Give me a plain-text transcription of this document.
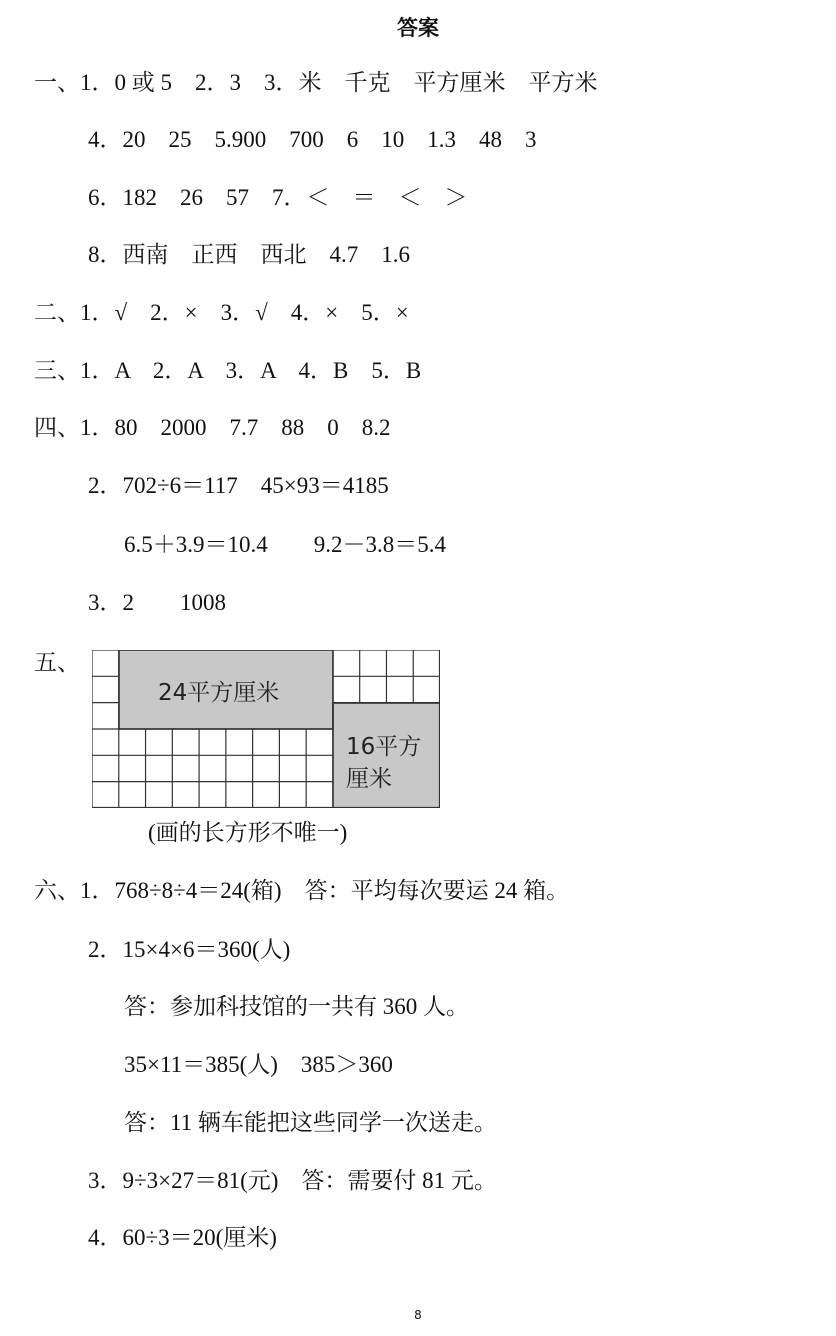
答案
一、1．0 或 5　2．3　3．米　千克　平方厘米　平方米
4．20　25　5.900　700　6　10　1.3　48　3
6．182　26　57　7．＜　＝　＜　＞
8．西南　正西　西北　4.7　1.6
二、1．√　2．×　3．√　4．×　5．×
三、1．A　2．A　3．A　4．B　5．B
四、1．80　2000　7.7　88　0　8.2
2．702÷6＝117　45×93＝4185
6.5＋3.9＝10.4　　9.2－3.8＝5.4
3．2　　1008
五、
24平方厘米
16平方
厘米
(画的长方形不唯一)
六、1．768÷8÷4＝24(箱)　答：平均每次要运 24 箱。
2．15×4×6＝360(人)
答：参加科技馆的一共有 360 人。
35×11＝385(人)　385＞360
答：11 辆车能把这些同学一次送走。
3．9÷3×27＝81(元)　答：需要付 81 元。
4．60÷3＝20(厘米)
8
